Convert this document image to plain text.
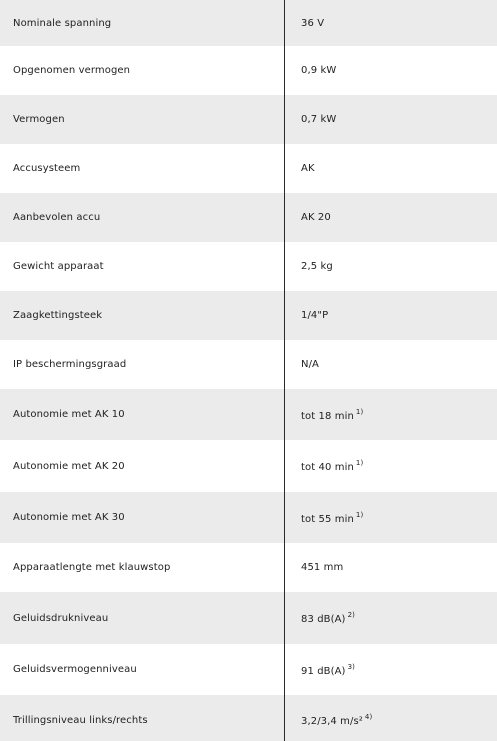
Nominale spanning	36 V
Opgenomen vermogen	0,9 kW
Vermogen	0,7 kW
Accusysteem	AK
Aanbevolen accu	AK 20
Gewicht apparaat	2,5 kg
Zaagkettingsteek	1/4"P
IP beschermingsgraad	N/A
Autonomie met AK 10	tot 18 min $^{1)}$
Autonomie met AK 20	tot 40 min $^{1)}$
Autonomie met AK 30	tot 55 min $^{1)}$
Apparaatlengte met klauwstop	451 mm
Geluidsdrukniveau	83 dB(A) $^{2)}$
Geluidsvermogenniveau	91 dB(A) $^{3)}$
Trillingsniveau links/rechts	3,2/3,4 m/s² $^{4)}$
